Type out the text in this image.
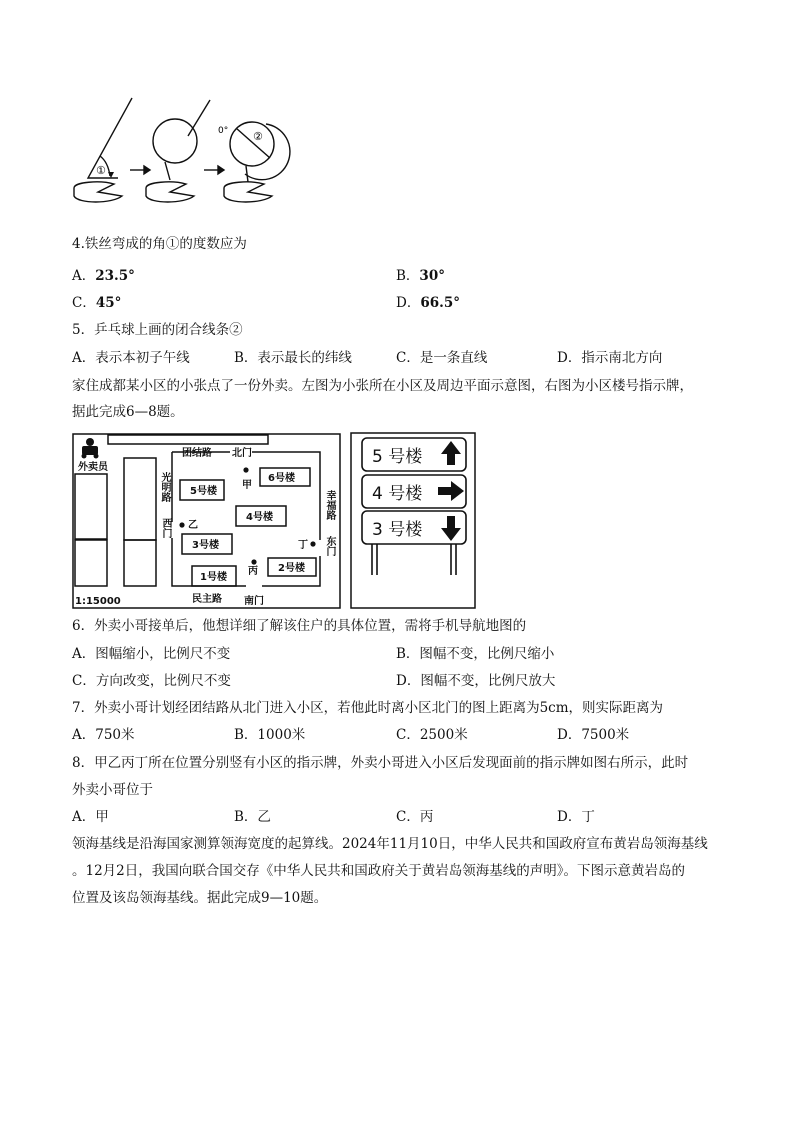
①
0° ②
4.铁丝弯成的角①的度数应为
A．23.5°	B．30°
C．45°	D．66.5°
5．乒乓球上画的闭合线条②
A．表示本初子午线	B．表示最长的纬线	C．是一条直线	D．指示南北方向
家住成都某小区的小张点了一份外卖。左图为小张所在小区及周边平面示意图，右图为小区楼号指示牌，
据此完成6—8题。
外卖员
团结路 北门
民主路 南门
1:15000
5号楼
6号楼
4号楼
3号楼
1号楼
2号楼
甲
乙
丙
丁
光明路
西门
幸福路
东门
5 号楼
4 号楼
3 号楼
6．外卖小哥接单后，他想详细了解该住户的具体位置，需将手机导航地图的
A．图幅缩小，比例尺不变	B．图幅不变，比例尺缩小
C．方向改变，比例尺不变	D．图幅不变，比例尺放大
7．外卖小哥计划经团结路从北门进入小区，若他此时离小区北门的图上距离为5cm，则实际距离为
A．750米	B．1000米	C．2500米	D．7500米
8．甲乙丙丁所在位置分别竖有小区的指示牌，外卖小哥进入小区后发现面前的指示牌如图右所示，此时
外卖小哥位于
A．甲	B．乙	C．丙	D．丁
领海基线是沿海国家测算领海宽度的起算线。2024年11月10日，中华人民共和国政府宣布黄岩岛领海基线
。12月2日，我国向联合国交存《中华人民共和国政府关于黄岩岛领海基线的声明》。下图示意黄岩岛的
位置及该岛领海基线。据此完成9—10题。
